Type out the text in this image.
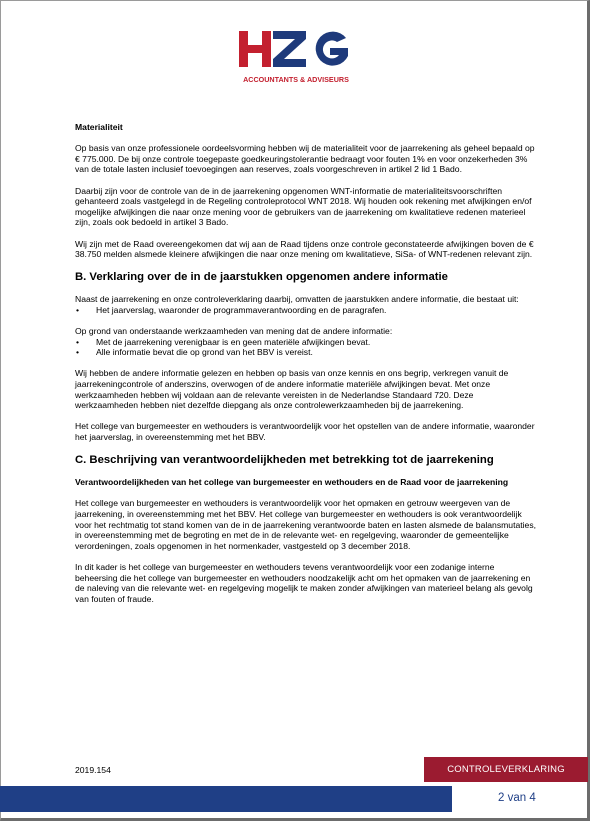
ACCOUNTANTS & ADVISEURS

Materialiteit

Op basis van onze professionele oordeelsvorming hebben wij de materialiteit voor de jaarrekening als geheel bepaald op € 775.000. De bij onze controle toegepaste goedkeuringstolerantie bedraagt voor fouten 1% en voor onzekerheden 3% van de totale lasten inclusief toevoegingen aan reserves, zoals voorgeschreven in artikel 2 lid 1 Bado.

Daarbij zijn voor de controle van de in de jaarrekening opgenomen WNT-informatie de materialiteitsvoorschriften gehanteerd zoals vastgelegd in de Regeling controleprotocol WNT 2018. Wij houden ook rekening met afwijkingen en/of mogelijke afwijkingen die naar onze mening voor de gebruikers van de jaarrekening om kwalitatieve redenen materieel zijn, zoals ook bedoeld in artikel 3 Bado.

Wij zijn met de Raad overeengekomen dat wij aan de Raad tijdens onze controle geconstateerde afwijkingen boven de € 38.750 melden alsmede kleinere afwijkingen die naar onze mening om kwalitatieve, SiSa- of WNT-redenen relevant zijn.

B. Verklaring over de in de jaarstukken opgenomen andere informatie

Naast de jaarrekening en onze controleverklaring daarbij, omvatten de jaarstukken andere informatie, die bestaat uit:

• Het jaarverslag, waaronder de programmaverantwoording en de paragrafen.

Op grond van onderstaande werkzaamheden van mening dat de andere informatie:

• Met de jaarrekening verenigbaar is en geen materiële afwijkingen bevat.
• Alle informatie bevat die op grond van het BBV is vereist.

Wij hebben de andere informatie gelezen en hebben op basis van onze kennis en ons begrip, verkregen vanuit de jaarrekeningcontrole of anderszins, overwogen of de andere informatie materiële afwijkingen bevat. Met onze werkzaamheden hebben wij voldaan aan de relevante vereisten in de Nederlandse Standaard 720. Deze werkzaamheden hebben niet dezelfde diepgang als onze controlewerkzaamheden bij de jaarrekening.

Het college van burgemeester en wethouders is verantwoordelijk voor het opstellen van de andere informatie, waaronder het jaarverslag, in overeenstemming met het BBV.

C. Beschrijving van verantwoordelijkheden met betrekking tot de jaarrekening

Verantwoordelijkheden van het college van burgemeester en wethouders en de Raad voor de jaarrekening

Het college van burgemeester en wethouders is verantwoordelijk voor het opmaken en getrouw weergeven van de jaarrekening, in overeenstemming met het BBV. Het college van burgemeester en wethouders is ook verantwoordelijk voor het rechtmatig tot stand komen van de in de jaarrekening verantwoorde baten en lasten alsmede de balansmutaties, in overeenstemming met de begroting en met de in de relevante wet- en regelgeving, waaronder de gemeentelijke verordeningen, zoals opgenomen in het normenkader, vastgesteld op 3 december 2018.

In dit kader is het college van burgemeester en wethouders tevens verantwoordelijk voor een zodanige interne beheersing die het college van burgemeester en wethouders noodzakelijk acht om het opmaken van de jaarrekening en de naleving van die relevante wet- en regelgeving mogelijk te maken zonder afwijkingen van materieel belang als gevolg van fouten of fraude.

2019.154	CONTROLEVERKLARING
2 van 4
